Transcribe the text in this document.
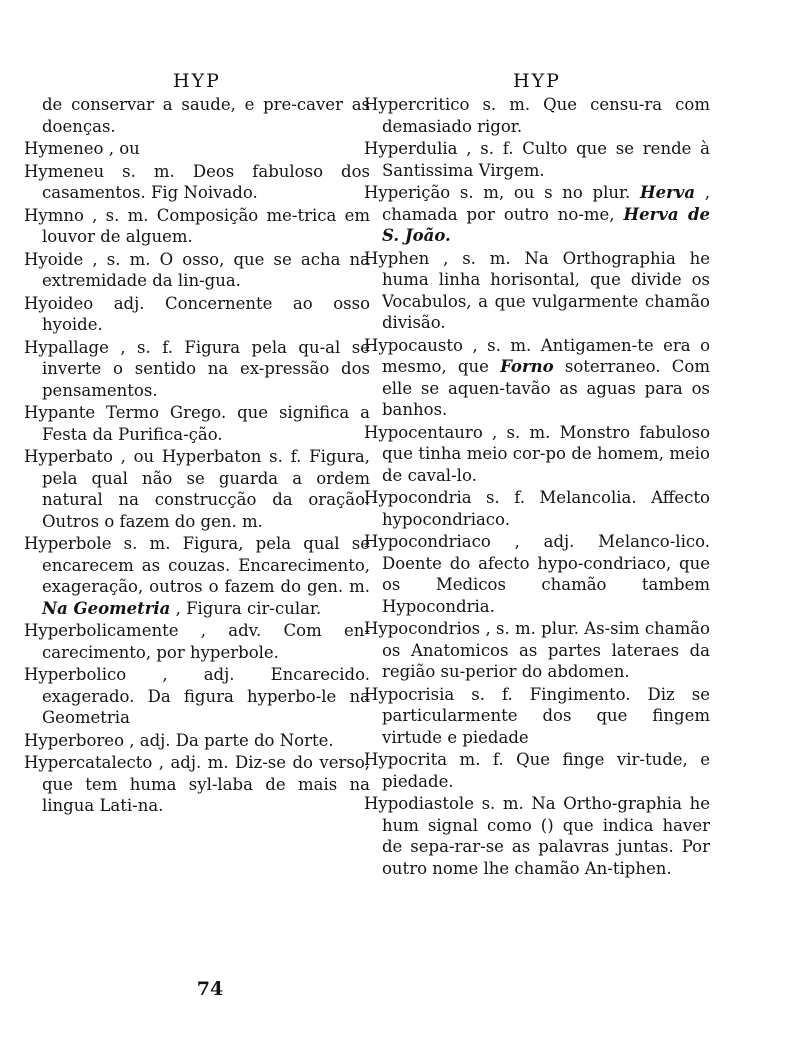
HYP
de conservar a saude, e pre-caver as doenças.
Hymeneo , ou
Hymeneu s. m. Deos fabuloso dos casamentos. Fig Noivado.
Hymno , s. m. Composição me-trica em louvor de alguem.
Hyoide , s. m. O osso, que se acha na extremidade da lin-gua.
Hyoideo adj. Concernente ao osso hyoide.
Hypallage , s. f. Figura pela qu-al se inverte o sentido na ex-pressão dos pensamentos.
Hypante Termo Grego. que significa a Festa da Purifica-ção.
Hyperbato , ou Hyperbaton s. f. Figura, pela qual não se guarda a ordem natural na construcção da oração. Outros o fazem do gen. m.
Hyperbole s. m. Figura, pela qual se encarecem as couzas. Encarecimento, exageração, outros o fazem do gen. m. Na Geometria , Figura cir-cular.
Hyperbolicamente , adv. Com en-carecimento, por hyperbole.
Hyperbolico , adj. Encarecido. exagerado. Da figura hyperbo-le na Geometria
Hyperboreo , adj. Da parte do Norte.
Hypercatalecto , adj. m. Diz-se do verso, que tem huma syl-laba de mais na lingua Lati-na.
HYP
Hypercritico s. m. Que censu-ra com demasiado rigor.
Hyperdulia , s. f. Culto que se rende à Santissima Virgem.
Hyperição s. m, ou s no plur. Herva , chamada por outro no-me, Herva de S. João.
Hyphen , s. m. Na Orthographia he huma linha horisontal, que divide os Vocabulos, a que vulgarmente chamão divisão.
Hypocausto , s. m. Antigamen-te era o mesmo, que Forno soterraneo. Com elle se aquen-tavão as aguas para os banhos.
Hypocentauro , s. m. Monstro fabuloso que tinha meio cor-po de homem, meio de caval-lo.
Hypocondria s. f. Melancolia. Affecto hypocondriaco.
Hypocondriaco , adj. Melanco-lico. Doente do afecto hypo-condriaco, que os Medicos chamão tambem Hypocondria.
Hypocondrios , s. m. plur. As-sim chamão os Anatomicos as partes lateraes da região su-perior do abdomen.
Hypocrisia s. f. Fingimento. Diz se particularmente dos que fingem virtude e piedade
Hypocrita m. f. Que finge vir-tude, e piedade.
Hypodiastole s. m. Na Ortho-graphia he hum signal como () que indica haver de sepa-rar-se as palavras juntas. Por outro nome lhe chamão An-tiphen.
74
